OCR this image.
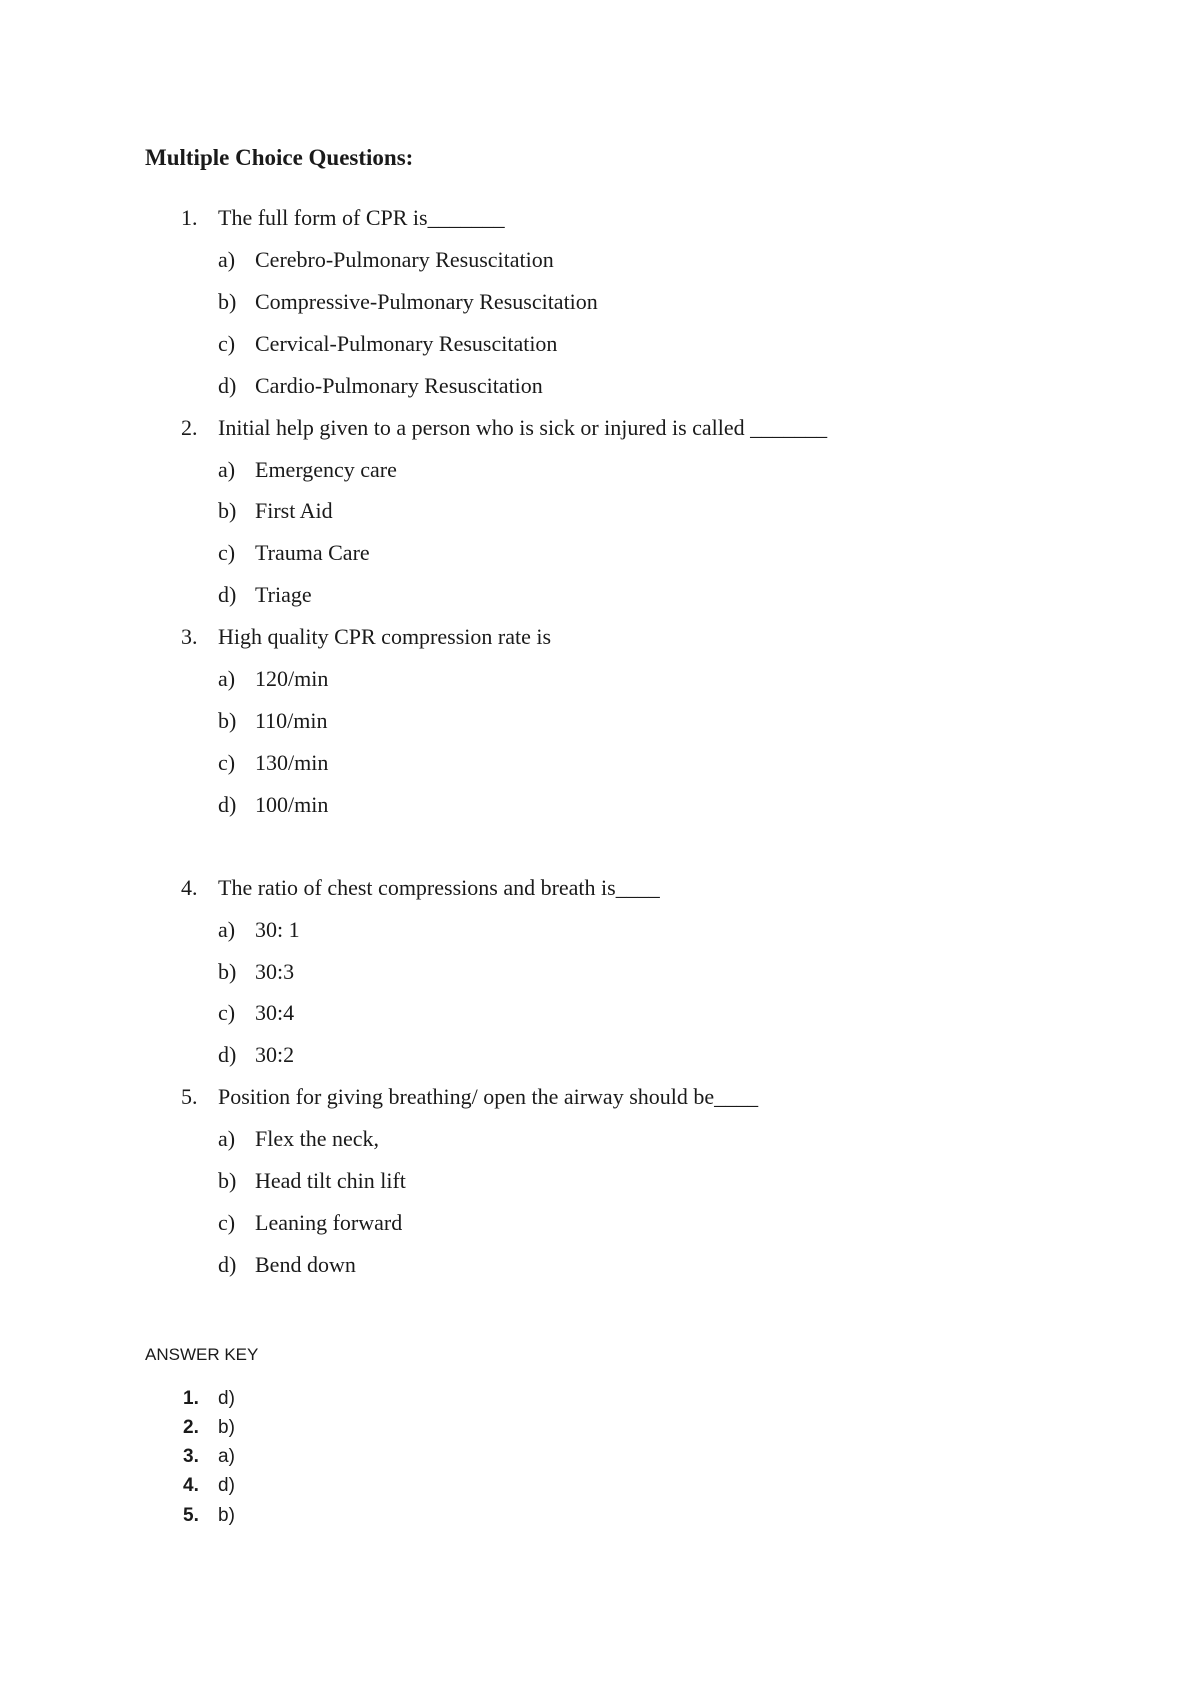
Multiple Choice Questions:
1. The full form of CPR is_______
a) Cerebro-Pulmonary Resuscitation
b) Compressive-Pulmonary Resuscitation
c) Cervical-Pulmonary Resuscitation
d) Cardio-Pulmonary Resuscitation
2. Initial help given to a person who is sick or injured is called _______
a) Emergency care
b) First Aid
c) Trauma Care
d) Triage
3. High quality CPR compression rate is
a) 120/min
b) 110/min
c) 130/min
d) 100/min
4. The ratio of chest compressions and breath is____
a) 30: 1
b) 30:3
c) 30:4
d) 30:2
5. Position for giving breathing/ open the airway should be____
a) Flex the neck,
b) Head tilt chin lift
c) Leaning forward
d) Bend down
ANSWER KEY
1. d)
2. b)
3. a)
4. d)
5. b)
